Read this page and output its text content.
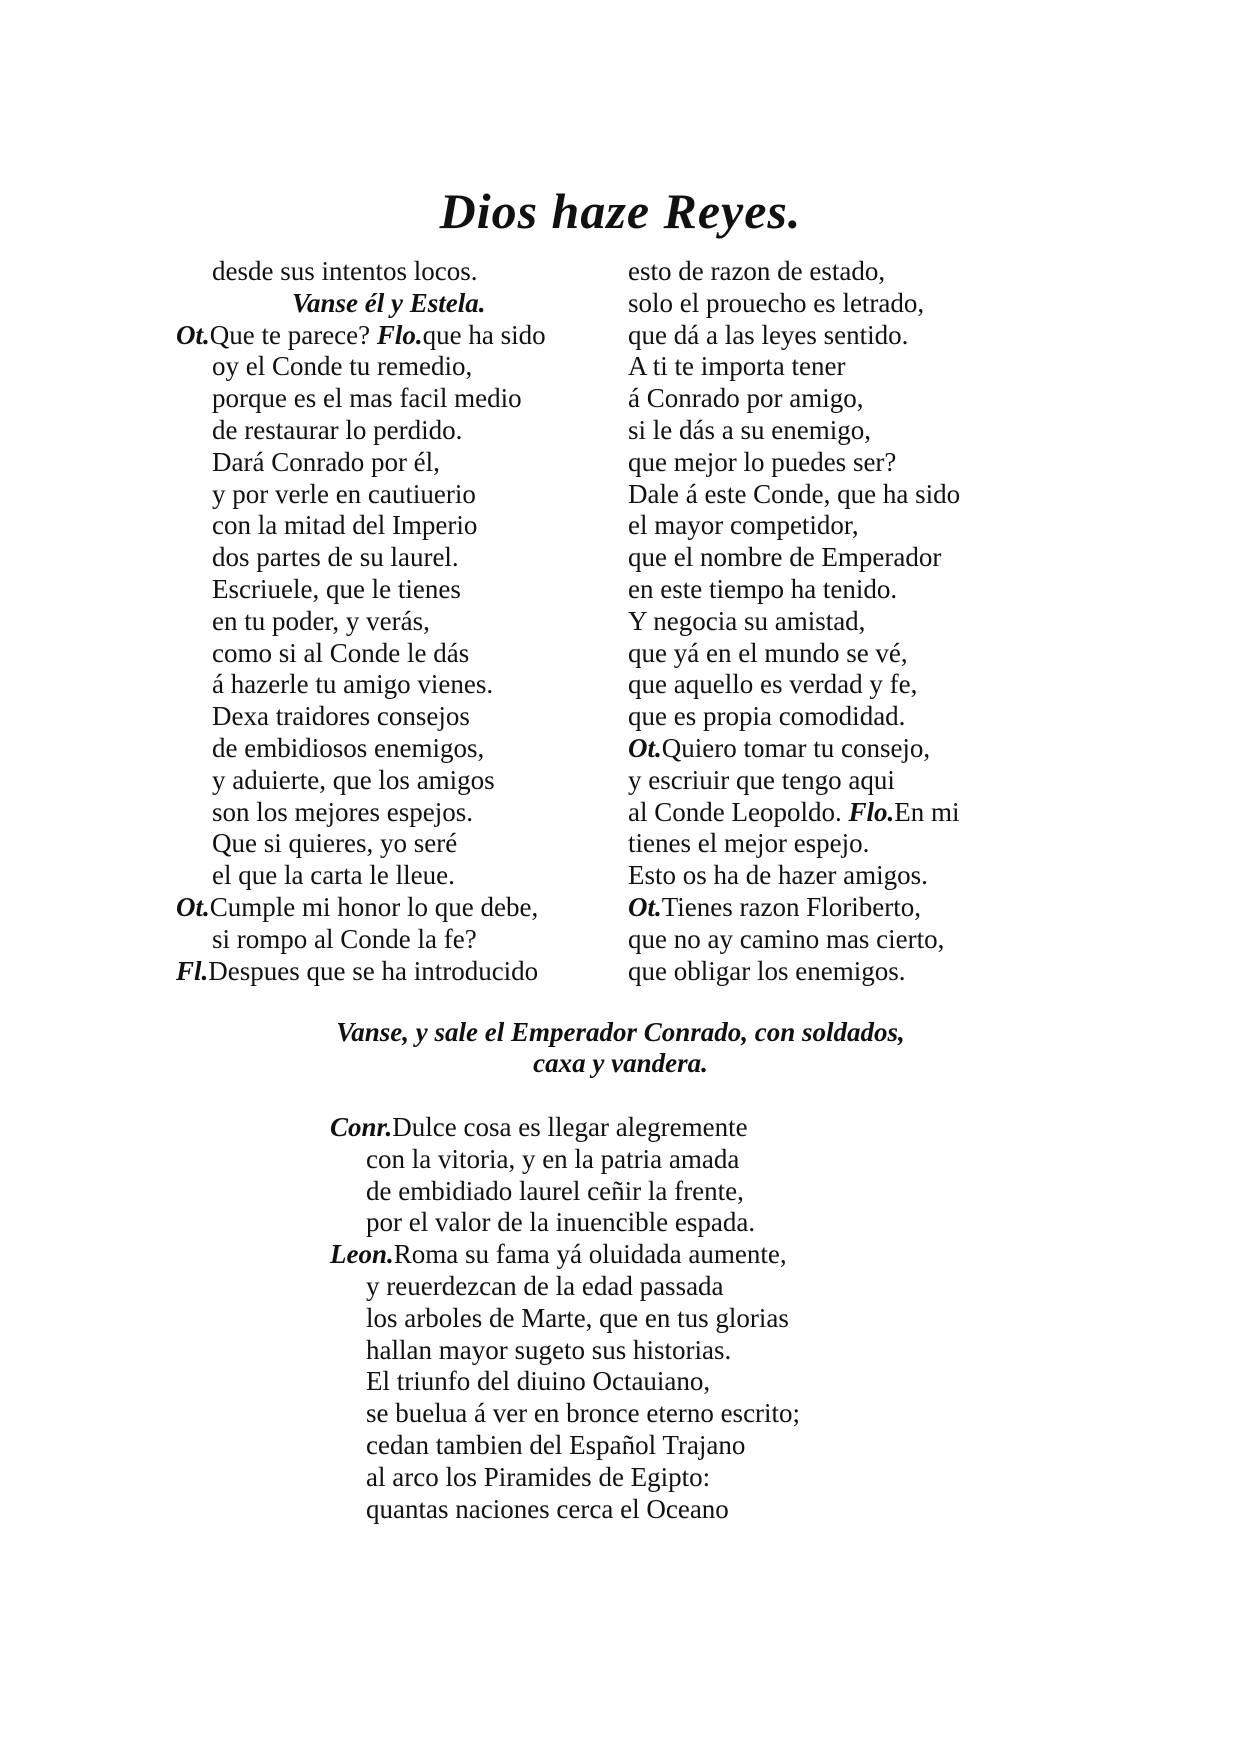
Dios haze Reyes.
desde sus intentos locos.
Vanse él y Estela.
Ot.Que te parece? Flo.que ha sido
oy el Conde tu remedio,
porque es el mas facil medio
de restaurar lo perdido.
Dará Conrado por él,
y por verle en cautiuerio
con la mitad del Imperio
dos partes de su laurel.
Escriuele, que le tienes
en tu poder, y verás,
como si al Conde le dás
á hazerle tu amigo vienes.
Dexa traidores consejos
de embidiosos enemigos,
y aduierte, que los amigos
son los mejores espejos.
Que si quieres, yo seré
el que la carta le lleue.
Ot.Cumple mi honor lo que debe,
si rompo al Conde la fe?
Fl.Despues que se ha introducido
esto de razon de estado,
solo el prouecho es letrado,
que dá a las leyes sentido.
A ti te importa tener
á Conrado por amigo,
si le dás a su enemigo,
que mejor lo puedes ser?
Dale á este Conde, que ha sido
el mayor competidor,
que el nombre de Emperador
en este tiempo ha tenido.
Y negocia su amistad,
que yá en el mundo se vé,
que aquello es verdad y fe,
que es propia comodidad.
Ot.Quiero tomar tu consejo,
y escriuir que tengo aqui
al Conde Leopoldo. Flo.En mi
tienes el mejor espejo.
Esto os ha de hazer amigos.
Ot.Tienes razon Floriberto,
que no ay camino mas cierto,
que obligar los enemigos.
Vanse, y sale el Emperador Conrado, con soldados,
caxa y vandera.
Conr.Dulce cosa es llegar alegremente
con la vitoria, y en la patria amada
de embidiado laurel ceñir la frente,
por el valor de la inuencible espada.
Leon.Roma su fama yá oluidada aumente,
y reuerdezcan de la edad passada
los arboles de Marte, que en tus glorias
hallan mayor sugeto sus historias.
El triunfo del diuino Octauiano,
se buelua á ver en bronce eterno escrito;
cedan tambien del Español Trajano
al arco los Piramides de Egipto:
quantas naciones cerca el Oceano
